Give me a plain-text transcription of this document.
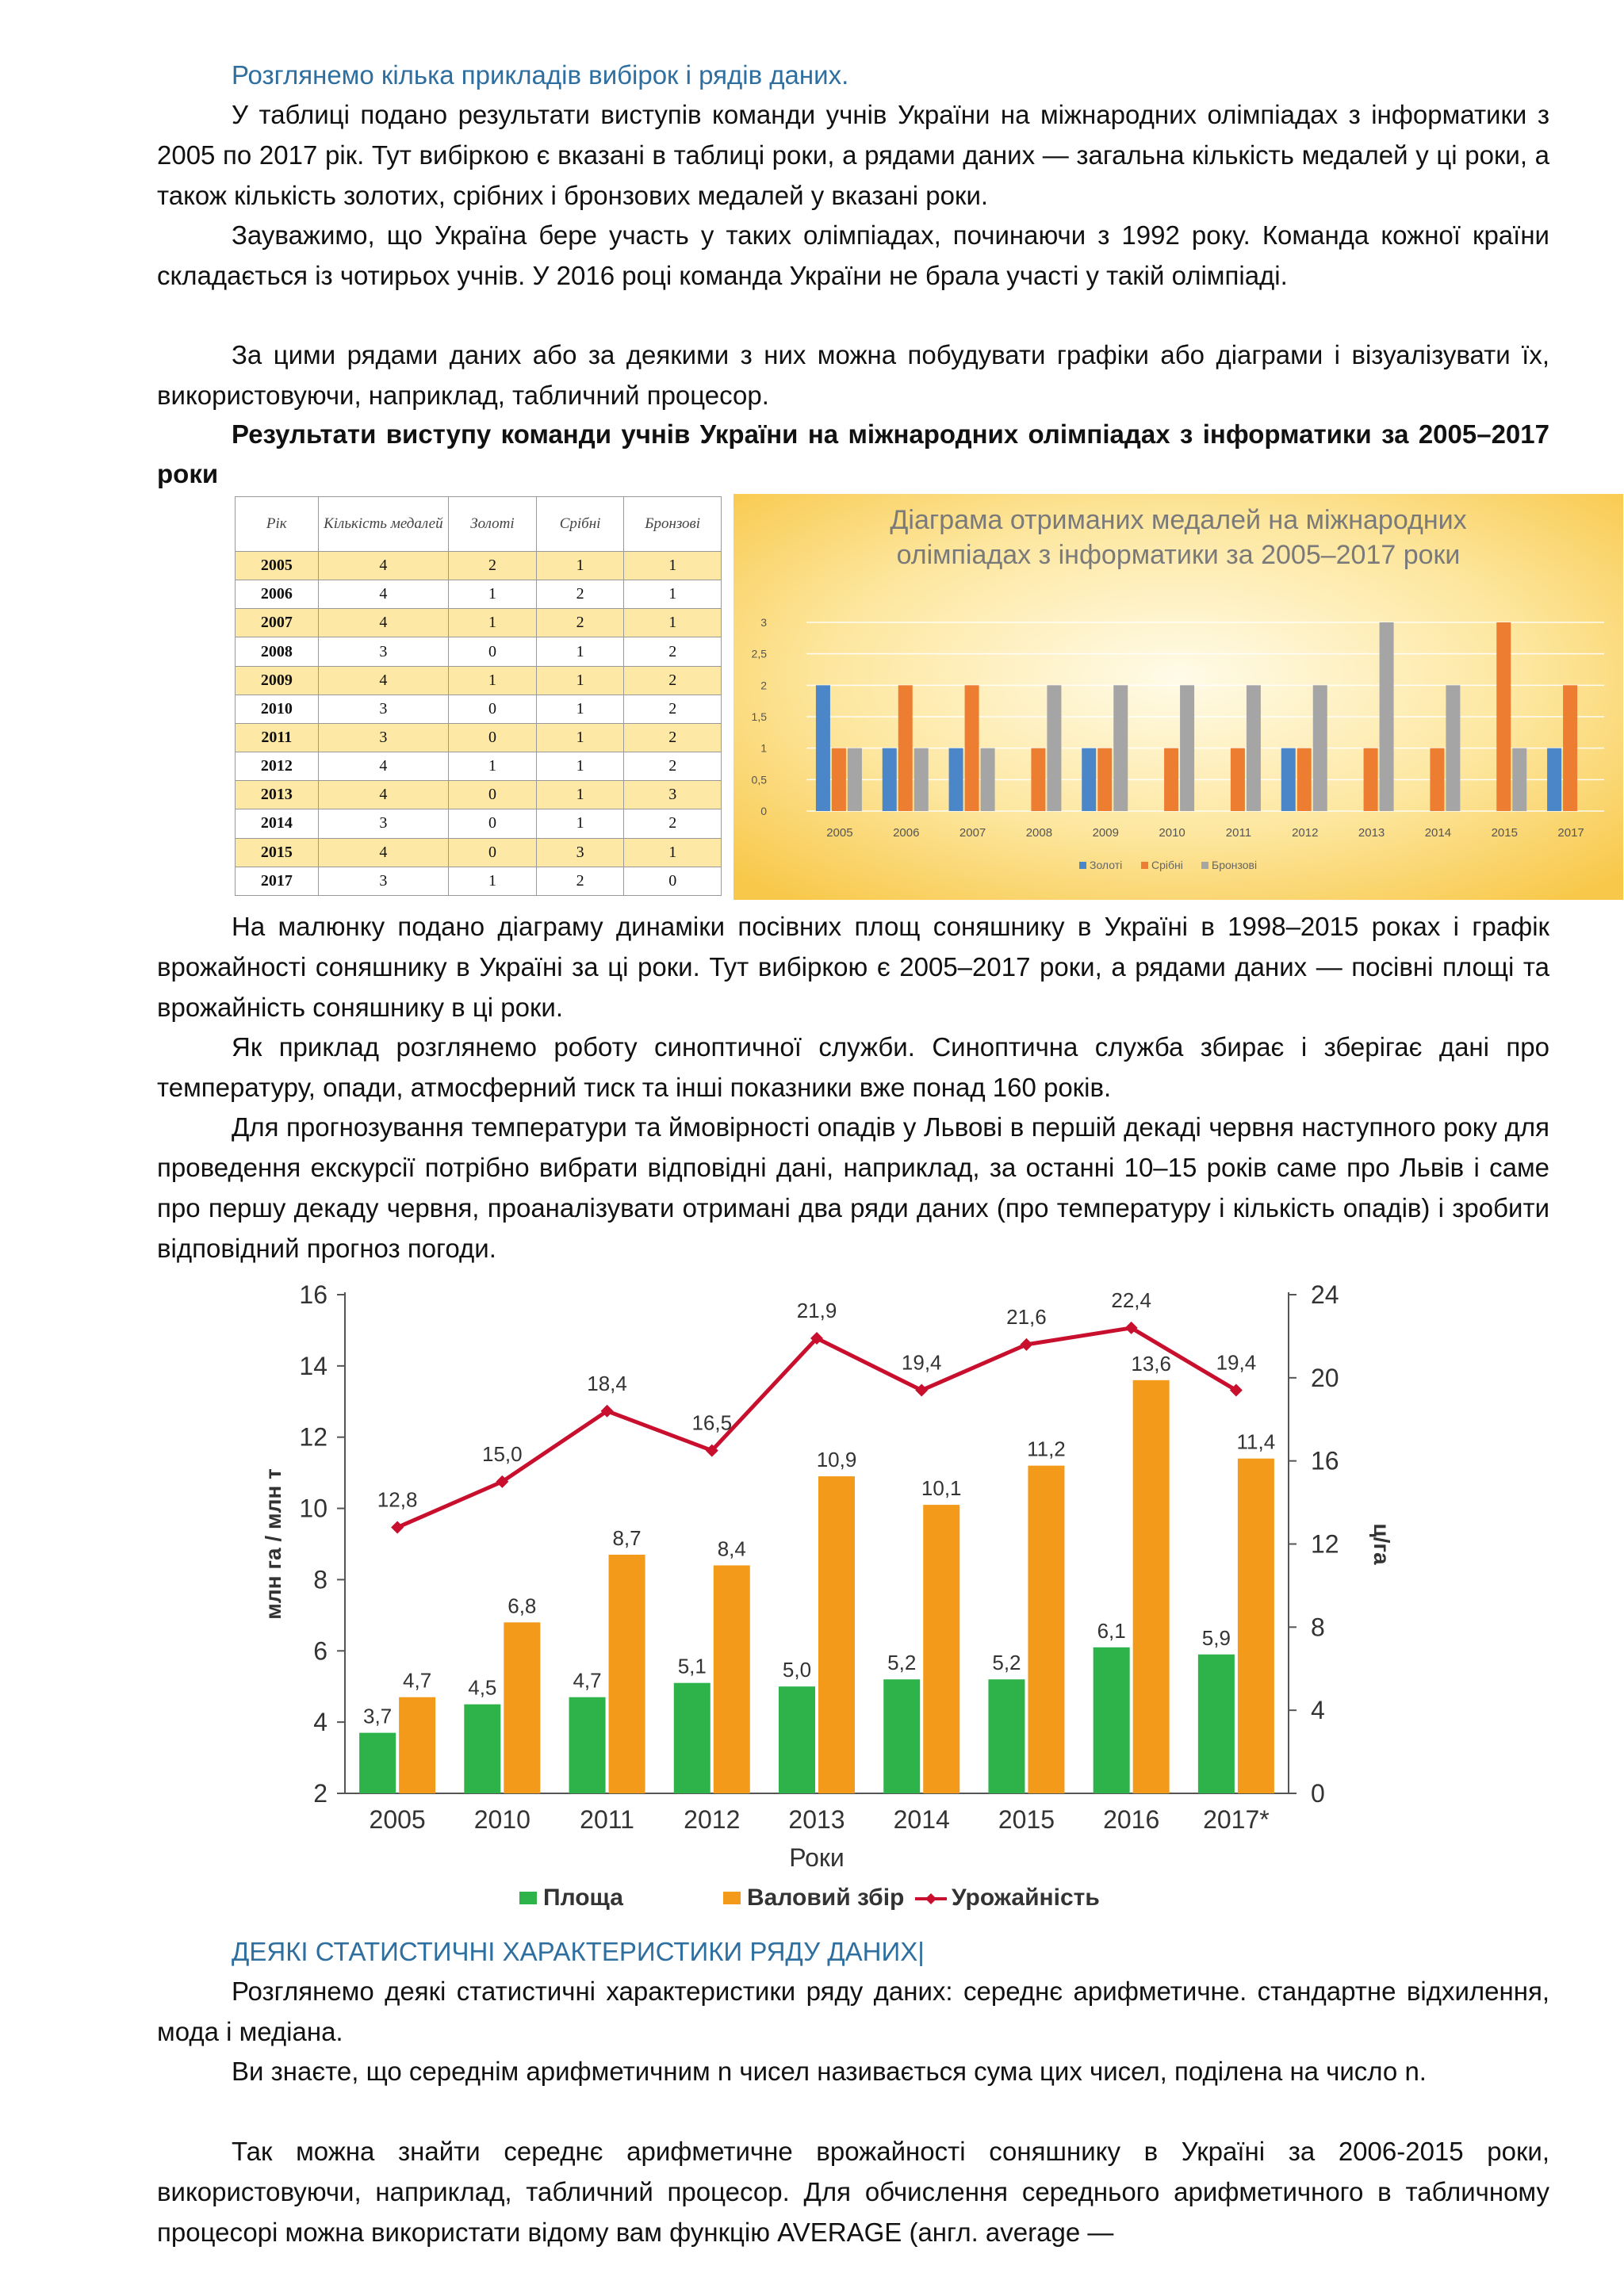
Розглянемо кілька прикладів вибірок і рядів даних.

У таблиці подано результати виступів команди учнів України на міжнародних олімпіадах з інформатики з 2005 по 2017 рік. Тут вибіркою є вказані в таблиці роки, а рядами даних — загальна кількість медалей у ці роки, а також кількість золотих, срібних і бронзових медалей у вказані роки.

Зауважимо, що Україна бере участь у таких олімпіадах, починаючи з 1992 року. Команда кожної країни складається із чотирьох учнів. У 2016 році команда України не брала участі у такій олімпіаді.

За цими рядами даних або за деякими з них можна побудувати графіки або діаграми і візуалізувати їх, використовуючи, наприклад, табличний процесор.

Результати виступу команди учнів України на міжнародних олімпіадах з інформатики за 2005–2017 роки

Рік	Кількість медалей	Золоті	Срібні	Бронзові
2005	4	2	1	1
2006	4	1	2	1
2007	4	1	2	1
2008	3	0	1	2
2009	4	1	1	2
2010	3	0	1	2
2011	3	0	1	2
2012	4	1	1	2
2013	4	0	1	3
2014	3	0	1	2
2015	4	0	3	1
2017	3	1	2	0
Діаграма отриманих медалей на міжнародних олімпіадах з інформатики за 2005–2017 роки
0
0,5
1
1,5
2
2,5
3
2005	2006	2007	2008	2009	2010	2011	2012	2013	2014	2015	2017
Золоті	Срібні	Бронзові

На малюнку подано діаграму динаміки посівних площ соняшнику в Україні в 1998–2015 роках і графік врожайності соняшнику в Україні за ці роки. Тут вибіркою є 2005–2017 роки, а рядами даних — посівні площі та врожайність соняшнику в ці роки.

Як приклад розглянемо роботу синоптичної служби. Синоптична служба збирає і зберігає дані про температуру, опади, атмосферний тиск та інші показники вже понад 160 років.

Для прогнозування температури та ймовірності опадів у Львові в першій декаді червня наступного року для проведення екскурсії потрібно вибрати відповідні дані, наприклад, за останні 10–15 років саме про Львів і саме про першу декаду червня, проаналізувати отримані два ряди даних (про температуру і кількість опадів) і зробити відповідний прогноз погоди.

2
4
6
8
10
12
14
16
0
4
8
12
16
20
24
млн га / млн т	ц/га
Роки
3,7
4,7
2005
4,5
6,8
2010
4,7
8,7
2011
5,1
8,4
2012
5,0
10,9
2013
5,2
10,1
2014
5,2
11,2
2015
6,1
13,6
2016
5,9
11,4
2017*
12,8
15,0
18,4
16,5
21,9
19,4
21,6
22,4
19,4
Площа	Валовий збір Урожайність

ДЕЯКІ СТАТИСТИЧНІ ХАРАКТЕРИСТИКИ РЯДУ ДАНИХ|

Розглянемо деякі статистичні характеристики ряду даних: середнє арифметичне. стандартне відхилення, мода і медіана.

Ви знаєте, що середнім арифметичним n чисел називається сума цих чисел, поділена на число n.

Так можна знайти середнє арифметичне врожайності соняшнику в Україні за 2006-2015 роки, використовуючи, наприклад, табличний процесор. Для обчислення середнього арифметичного в табличному процесорі можна використати відому вам функцію AVERAGE (англ. average —
